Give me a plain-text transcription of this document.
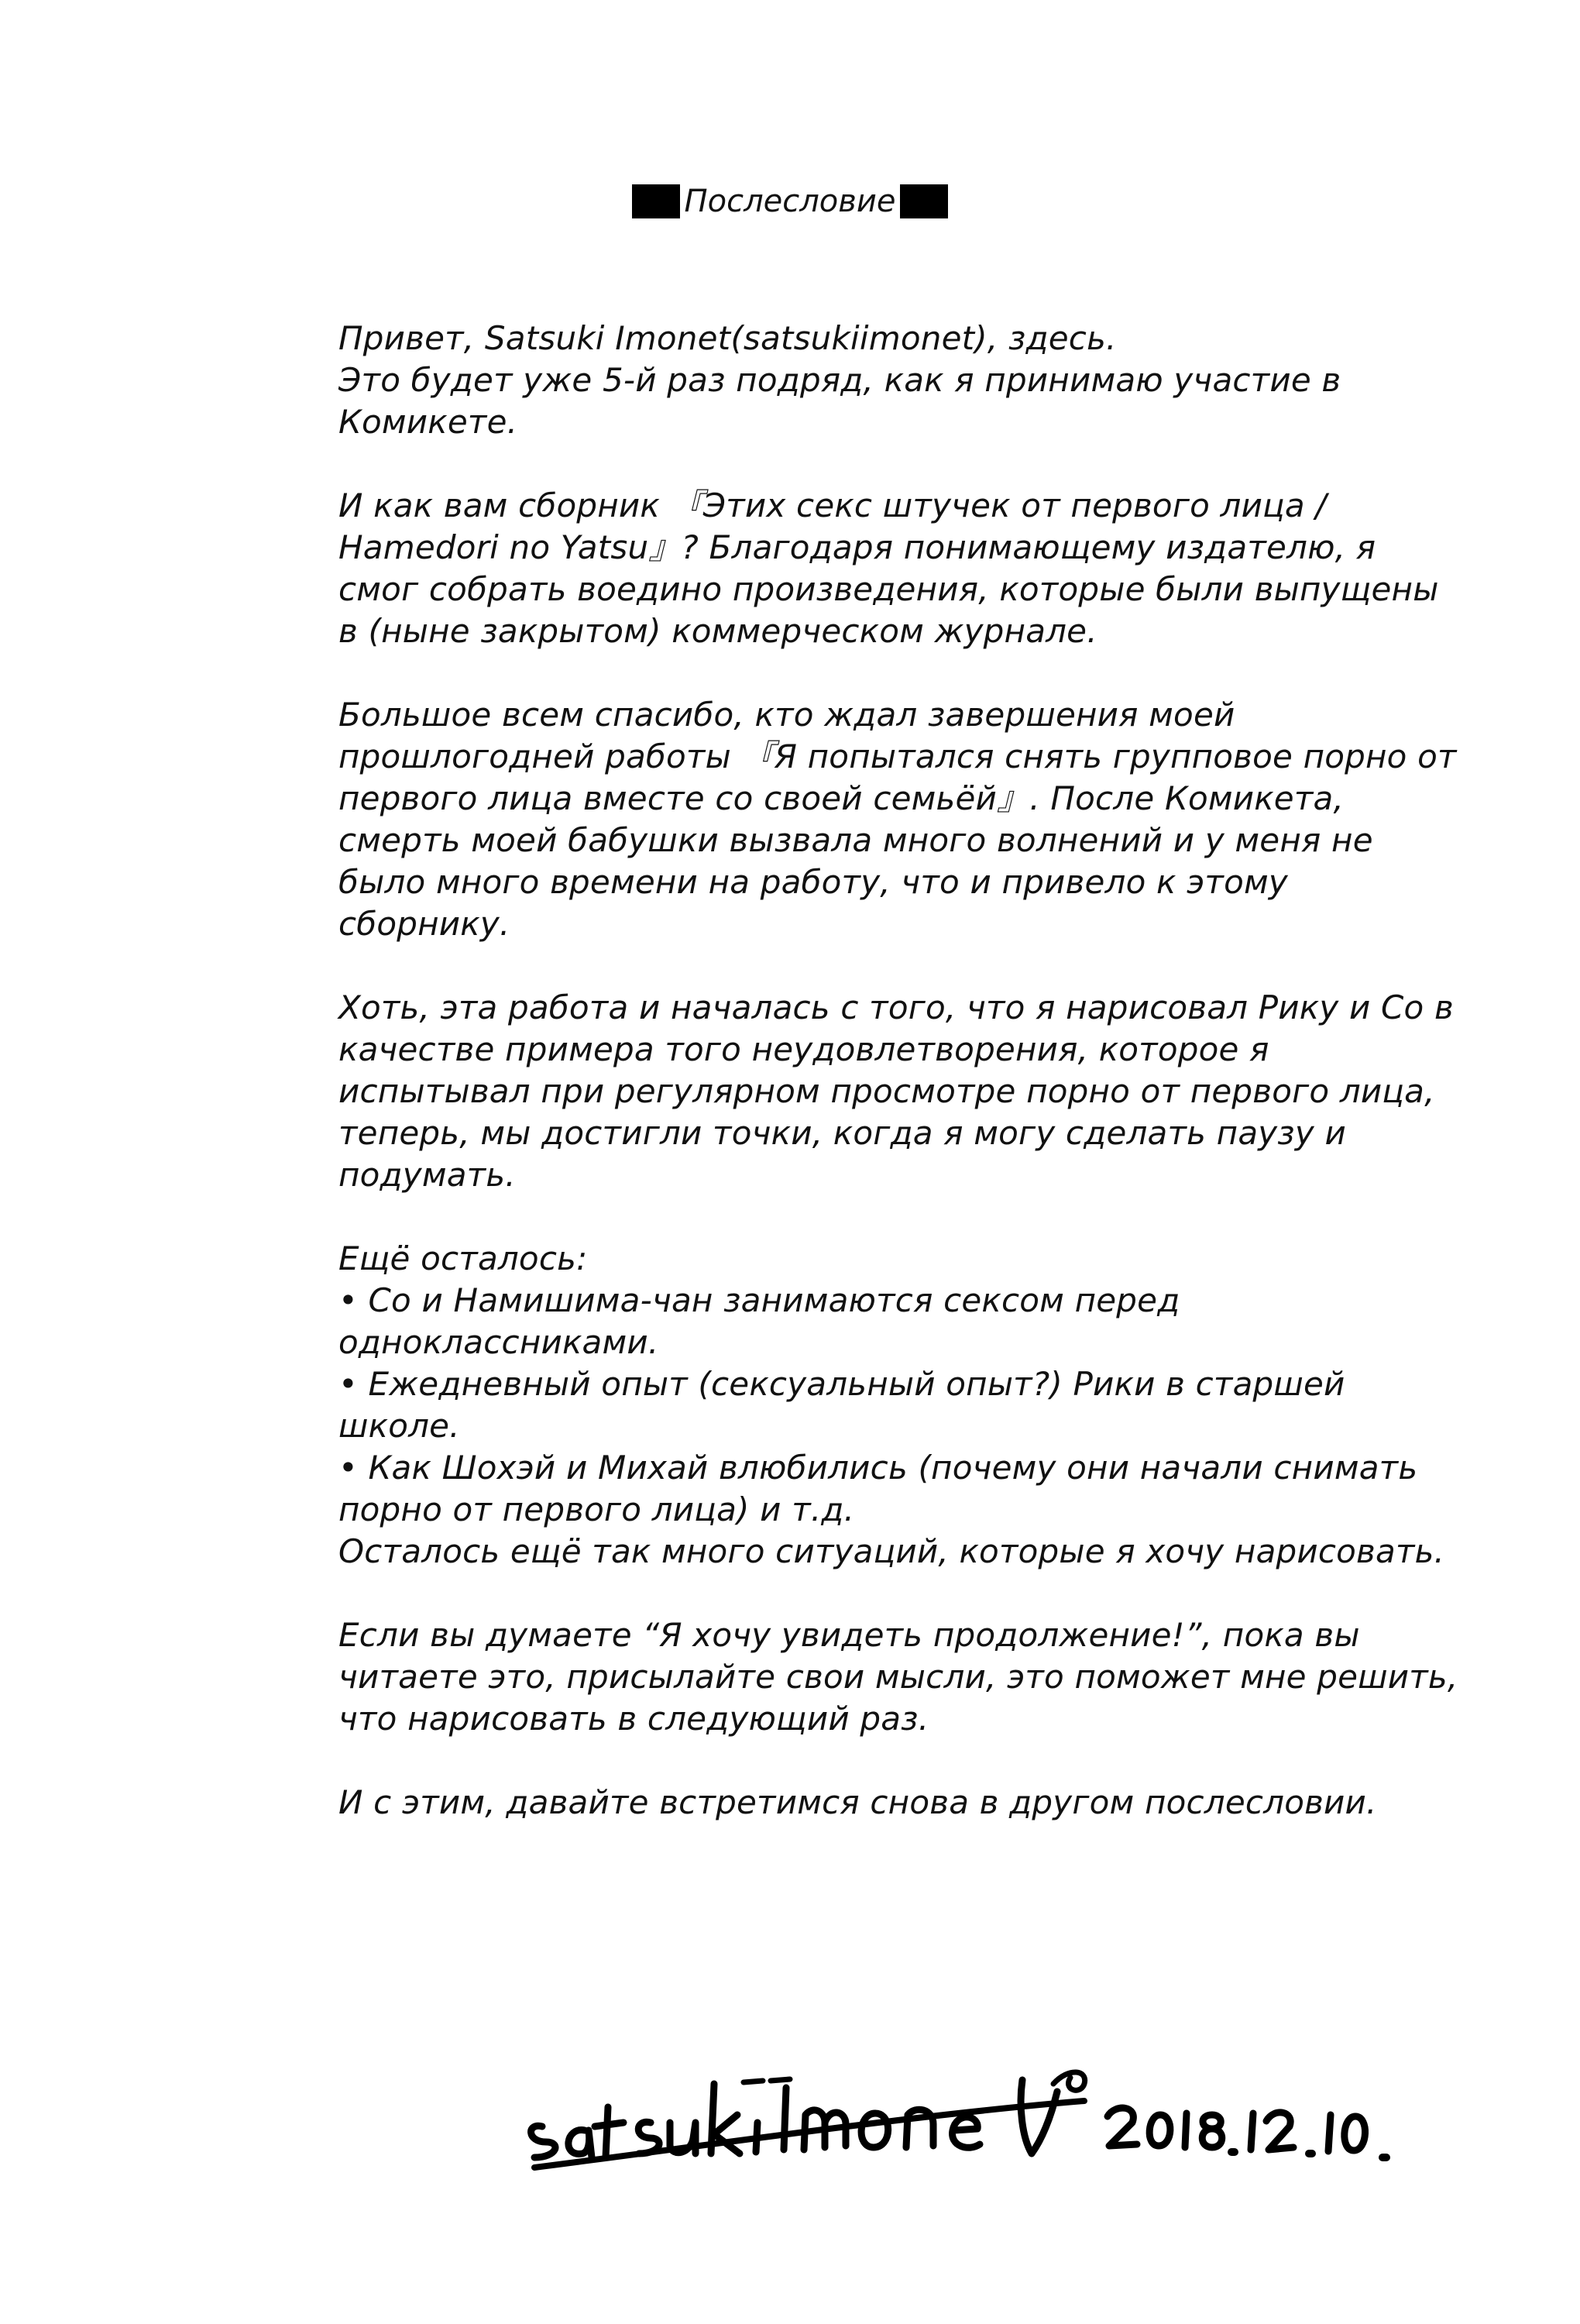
Послесловие
Привет, Satsuki Imonet(satsukiimonet), здесь.
Это будет уже 5-й раз подряд, как я принимаю участие в
Комикете.
И как вам сборник 『Этих секс штучек от первого лица /
Hamedori no Yatsu』? Благодаря понимающему издателю, я
смог собрать воедино произведения, которые были выпущены
в (ныне закрытом) коммерческом журнале.
Большое всем спасибо, кто ждал завершения моей
прошлогодней работы 『Я попытался снять групповое порно от
первого лица вместе со своей семьёй』. После Комикета,
смерть моей бабушки вызвала много волнений и у меня не
было много времени на работу, что и привело к этому
сборнику.
Хоть, эта работа и началась с того, что я нарисовал Рику и Со в
качестве примера того неудовлетворения, которое я
испытывал при регулярном просмотре порно от первого лица,
теперь, мы достигли точки, когда я могу сделать паузу и
подумать.
Ещё осталось:
• Со и Намишима-чан занимаются сексом перед
одноклассниками.
• Ежедневный опыт (сексуальный опыт?) Рики в старшей
школе.
• Как Шохэй и Михай влюбились (почему они начали снимать
порно от первого лица) и т.д.
Осталось ещё так много ситуаций, которые я хочу нарисовать.
Если вы думаете “Я хочу увидеть продолжение!”, пока вы
читаете это, присылайте свои мысли, это поможет мне решить,
что нарисовать в следующий раз.
И с этим, давайте встретимся снова в другом послесловии.
